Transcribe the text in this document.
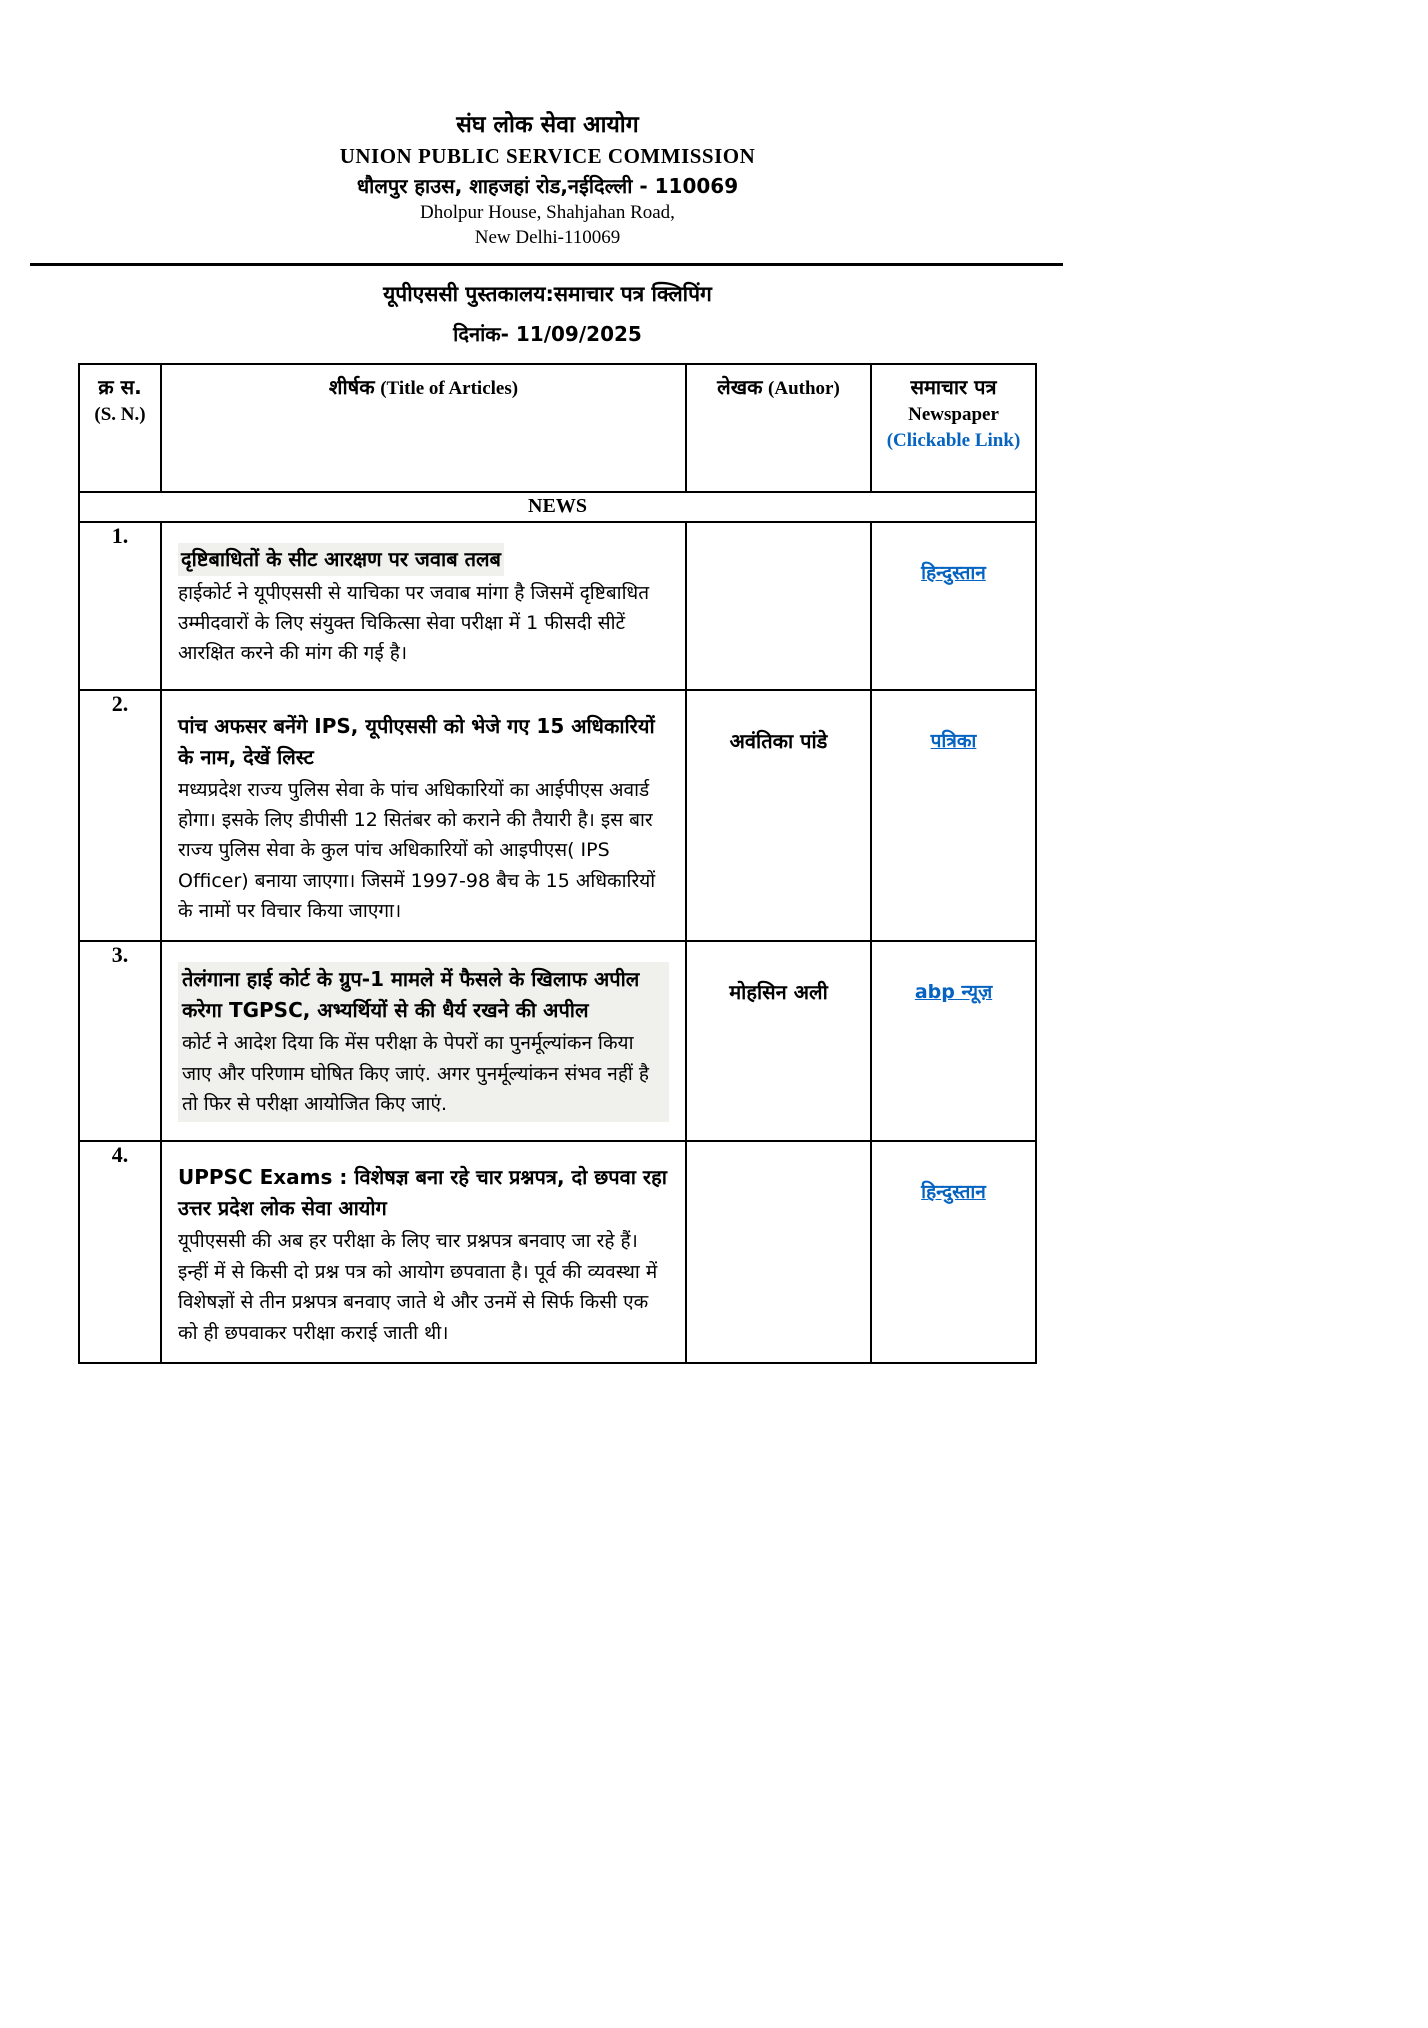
संघ लोक सेवा आयोग
UNION PUBLIC SERVICE COMMISSION
धौलपुर हाउस, शाहजहां रोड,नईदिल्ली - 110069
Dholpur House, Shahjahan Road,
New Delhi-110069
यूपीएससी पुस्तकालय:समाचार पत्र क्लिपिंग
दिनांक- 11/09/2025
क्र स.
(S. N.)	शीर्षक (Title of Articles)	लेखक (Author)	समाचार पत्र
Newspaper
(Clickable Link)

NEWS			
1.	दृष्टिबाधितों के सीट आरक्षण पर जवाब तलब
हाईकोर्ट ने यूपीएससी से याचिका पर जवाब मांगा है जिसमें दृष्टिबाधित उम्मीदवारों के लिए संयुक्त चिकित्सा सेवा परीक्षा में 1 फीसदी सीटें आरक्षित करने की मांग की गई है।		हिन्दुस्तान
2.	पांच अफसर बनेंगे IPS, यूपीएससी को भेजे गए 15 अधिकारियों के नाम, देखें लिस्ट
मध्यप्रदेश राज्य पुलिस सेवा के पांच अधिकारियों का आईपीएस अवार्ड होगा। इसके लिए डीपीसी 12 सितंबर को कराने की तैयारी है। इस बार राज्य पुलिस सेवा के कुल पांच अधिकारियों को आइपीएस( IPS Officer) बनाया जाएगा। जिसमें 1997-98 बैच के 15 अधिकारियों के नामों पर विचार किया जाएगा।	अवंतिका पांडे	पत्रिका
3.	तेलंगाना हाई कोर्ट के ग्रुप-1 मामले में फैसले के खिलाफ अपील करेगा TGPSC, अभ्यर्थियों से की धैर्य रखने की अपील
कोर्ट ने आदेश दिया कि मेंस परीक्षा के पेपरों का पुनर्मूल्यांकन किया जाए और परिणाम घोषित किए जाएं. अगर पुनर्मूल्यांकन संभव नहीं है तो फिर से परीक्षा आयोजित किए जाएं.	मोहसिन अली	abp न्यूज़
4.	UPPSC Exams : विशेषज्ञ बना रहे चार प्रश्नपत्र, दो छपवा रहा उत्तर प्रदेश लोक सेवा आयोग
यूपीएससी की अब हर परीक्षा के लिए चार प्रश्नपत्र बनवाए जा रहे हैं। इन्हीं में से किसी दो प्रश्न पत्र को आयोग छपवाता है। पूर्व की व्यवस्था में विशेषज्ञों से तीन प्रश्नपत्र बनवाए जाते थे और उनमें से सिर्फ किसी एक को ही छपवाकर परीक्षा कराई जाती थी।		हिन्दुस्तान
